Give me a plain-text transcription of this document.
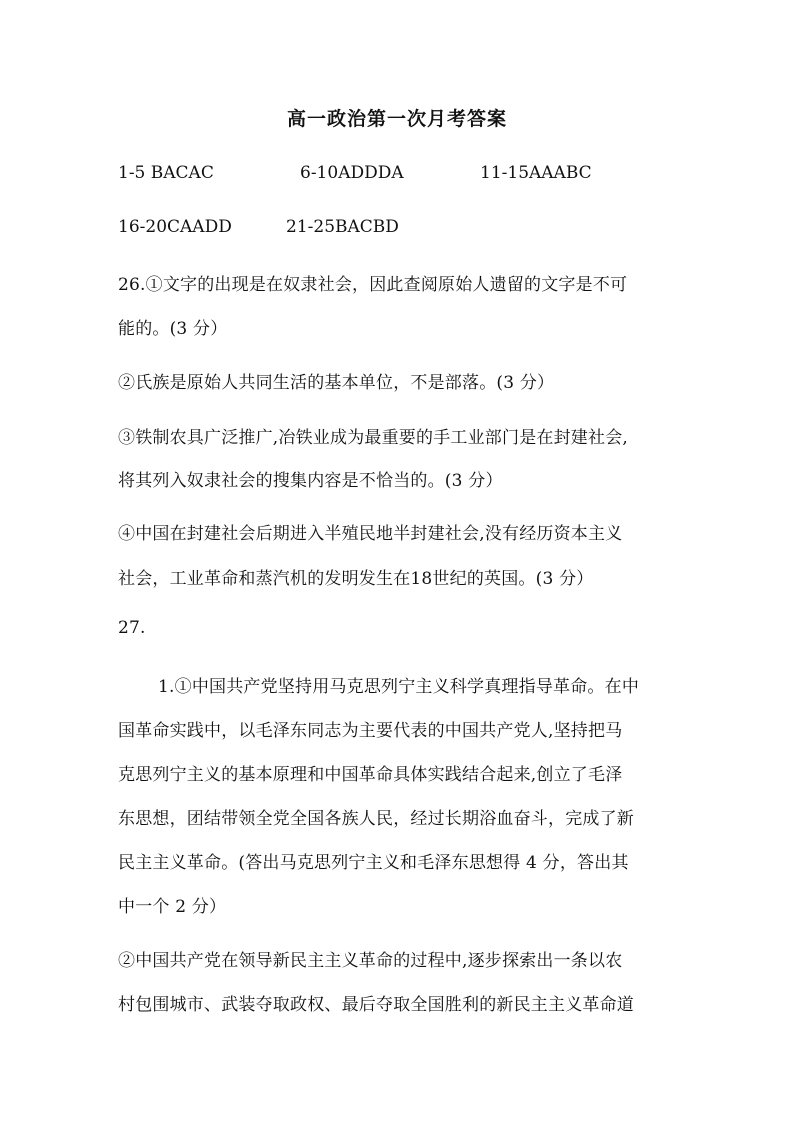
高一政治第一次月考答案
1-5 BACAC	6-10ADDDA	11-15AAABC
16-20CAADD	21-25BACBD
26.①文字的出现是在奴隶社会，因此查阅原始人遗留的文字是不可
能的。(3 分）
②氏族是原始人共同生活的基本单位，不是部落。(3 分）
③铁制农具广泛推广,冶铁业成为最重要的手工业部门是在封建社会,
将其列入奴隶社会的搜集内容是不恰当的。(3 分）
④中国在封建社会后期进入半殖民地半封建社会,没有经历资本主义
社会，工业革命和蒸汽机的发明发生在18世纪的英国。(3 分）
27.
1.①中国共产党坚持用马克思列宁主义科学真理指导革命。在中
国革命实践中，以毛泽东同志为主要代表的中国共产党人,坚持把马
克思列宁主义的基本原理和中国革命具体实践结合起来,创立了毛泽
东思想，团结带领全党全国各族人民，经过长期浴血奋斗，完成了新
民主主义革命。(答出马克思列宁主义和毛泽东思想得 4 分，答出其
中一个 2 分）
②中国共产党在领导新民主主义革命的过程中,逐步探索出一条以农
村包围城市、武装夺取政权、最后夺取全国胜利的新民主主义革命道
